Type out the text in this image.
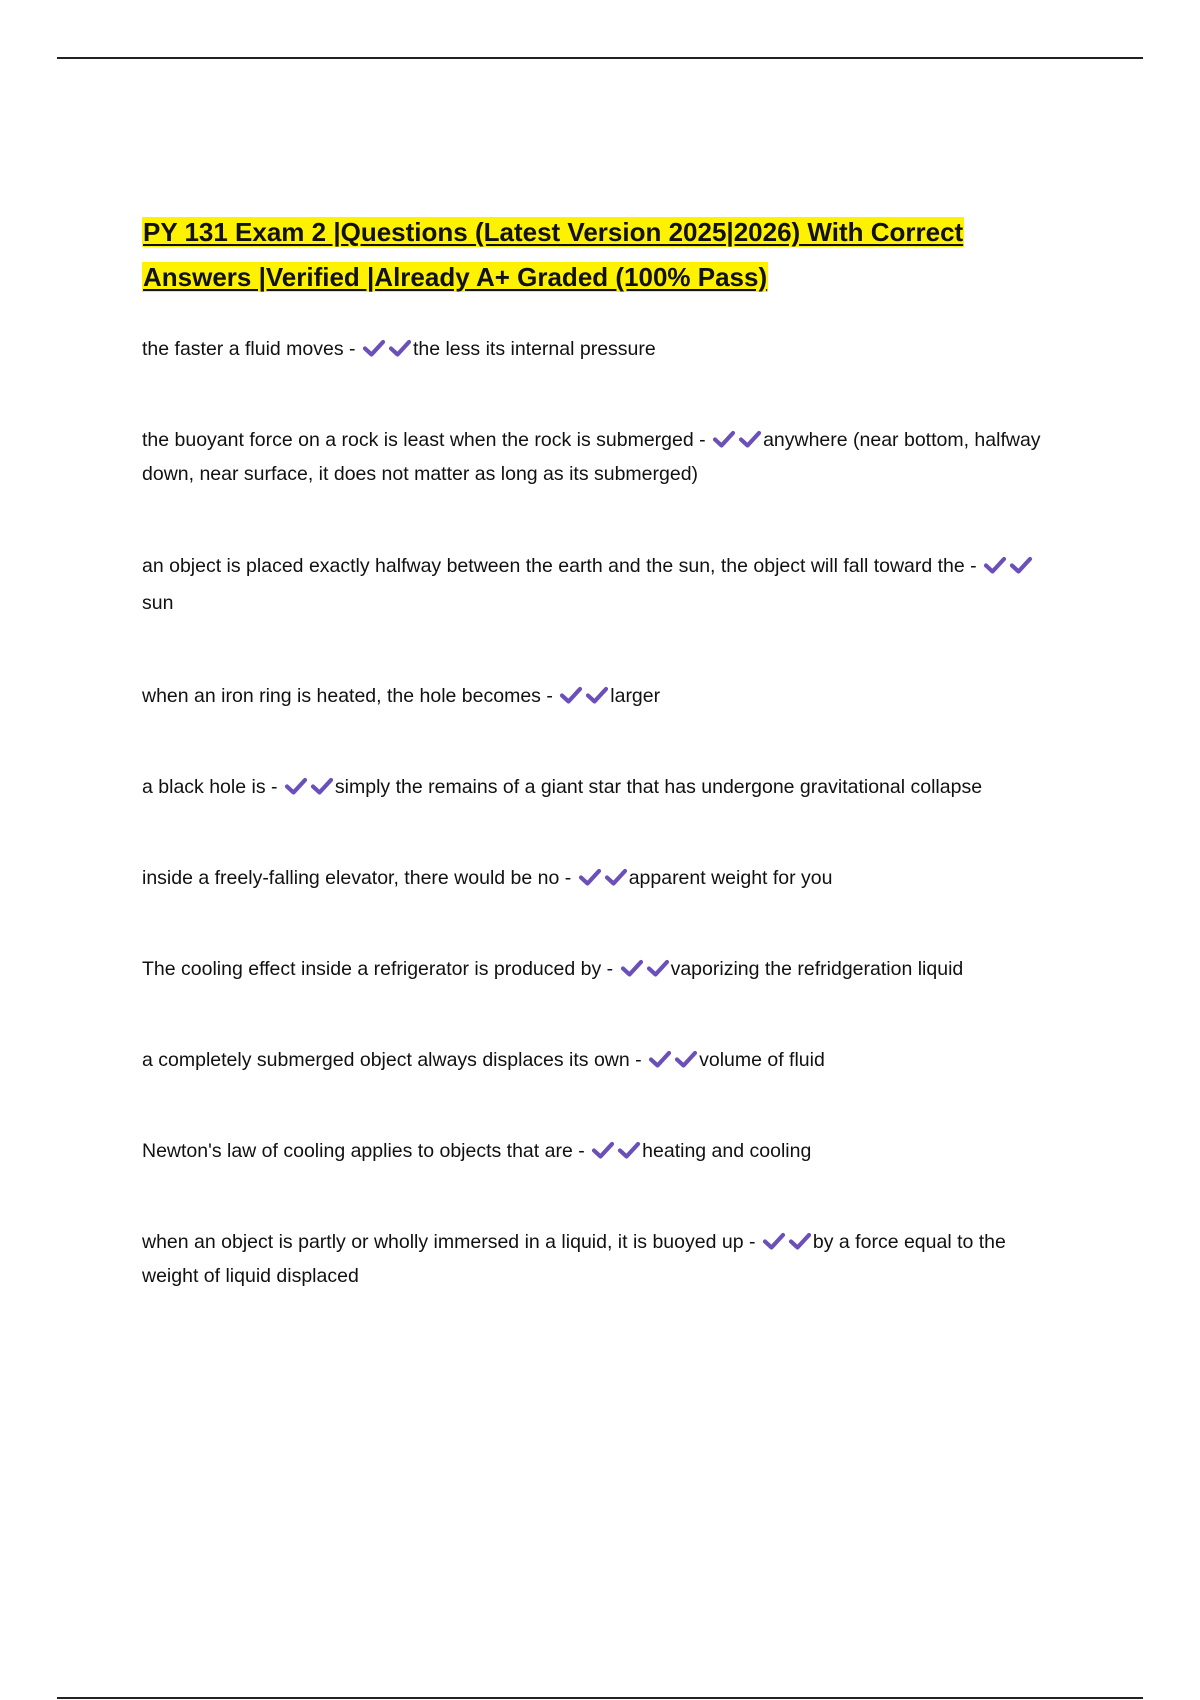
PY 131 Exam 2 |Questions (Latest Version 2025|2026) With Correct Answers |Verified |Already A+ Graded (100% Pass)

the faster a fluid moves -	the less its internal pressure

the buoyant force on a rock is least when the rock is submerged -	anywhere (near bottom, halfway down, near surface, it does not matter as long as its submerged)

an object is placed exactly halfway between the earth and the sun, the object will fall toward the -
sun

when an iron ring is heated, the hole becomes -	larger

a black hole is -	simply the remains of a giant star that has undergone gravitational collapse

inside a freely-falling elevator, there would be no -	apparent weight for you

The cooling effect inside a refrigerator is produced by -	vaporizing the refridgeration liquid

a completely submerged object always displaces its own -	volume of fluid

Newton's law of cooling applies to objects that are -	heating and cooling

when an object is partly or wholly immersed in a liquid, it is buoyed up -	by a force equal to the weight of liquid displaced
